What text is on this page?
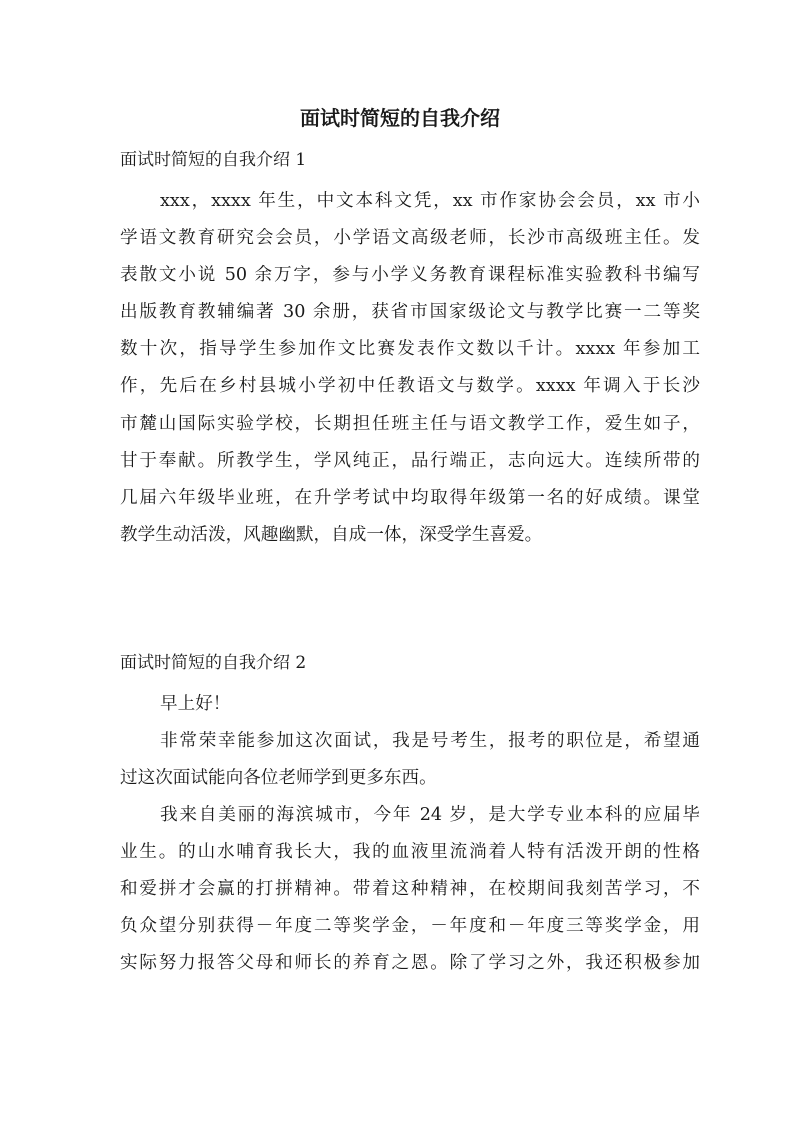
面试时简短的自我介绍
面试时简短的自我介绍 1
xxx，xxxx 年生，中文本科文凭，xx 市作家协会会员，xx 市小
学语文教育研究会会员，小学语文高级老师，长沙市高级班主任。发
表散文小说 50 余万字，参与小学义务教育课程标准实验教科书编写
出版教育教辅编著 30 余册，获省市国家级论文与教学比赛一二等奖
数十次，指导学生参加作文比赛发表作文数以千计。xxxx 年参加工
作，先后在乡村县城小学初中任教语文与数学。xxxx 年调入于长沙
市麓山国际实验学校，长期担任班主任与语文教学工作，爱生如子，
甘于奉献。所教学生，学风纯正，品行端正，志向远大。连续所带的
几届六年级毕业班，在升学考试中均取得年级第一名的好成绩。课堂
教学生动活泼，风趣幽默，自成一体，深受学生喜爱。
面试时简短的自我介绍 2
早上好！
非常荣幸能参加这次面试，我是号考生，报考的职位是，希望通
过这次面试能向各位老师学到更多东西。
我来自美丽的海滨城市，今年 24 岁，是大学专业本科的应届毕
业生。的山水哺育我长大，我的血液里流淌着人特有活泼开朗的性格
和爱拼才会赢的打拼精神。带着这种精神，在校期间我刻苦学习，不
负众望分别获得－年度二等奖学金，－年度和－年度三等奖学金，用
实际努力报答父母和师长的养育之恩。除了学习之外，我还积极参加
